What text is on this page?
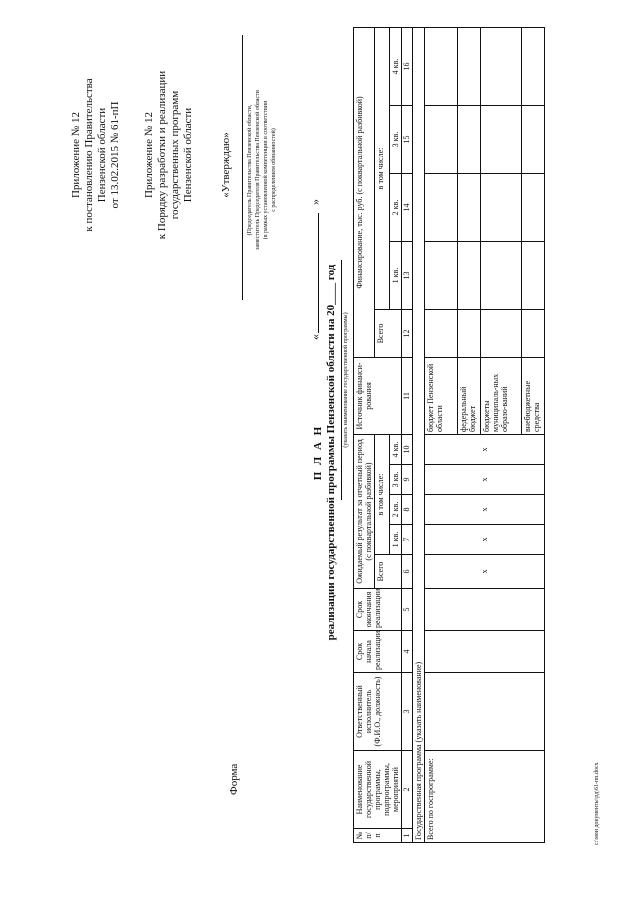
Форма
Приложение № 12 к постановлению Правительства Пензенской области от 13.02.2015 № 61-пП Приложение № 12 к Порядку разработки и реализации государственных программ Пензенской области «Утверждаю»	(Председатель Правительства Пензенской области, заместитель Председателя Правительства Пензенской области (в рамках установленной компетенции в соответствии с распределением обязанностей)
«
»
П Л А Н реализации государственной программы Пензенской области на 20____ год (указать наименование государственной программы)
№ п/п	Наименование государственной программы, подпрограммы, мероприятий	Ответственный исполнитель (Ф.И.О., должность)	Срок начала реализации	Срок окончания реализации	Ожидаемый результат за отчетный период (с поквартальной разбивкой)					Источник финанси-рования	Финансирование, тыс. руб. (с поквартальной разбивкой)				
					Всего	в том числе:					Всего	в том числе:			
						1 кв.	2 кв.	3 кв.	4 кв.			1 кв.	2 кв.	3 кв.	4 кв.
1	2	3	4	5	6	7	8	9	10	11	12	13	14	15	16
Государственная программа (указать наименование)															
Всего по госпрограмме:					х	х	х	х	х	бюджет Пензенской области					
										федеральный бюджет					
										бюджеты муниципаль-ных образо-ваний					
										внебюджетные средства					
с:\мои документы\рд\61-пп.docx
